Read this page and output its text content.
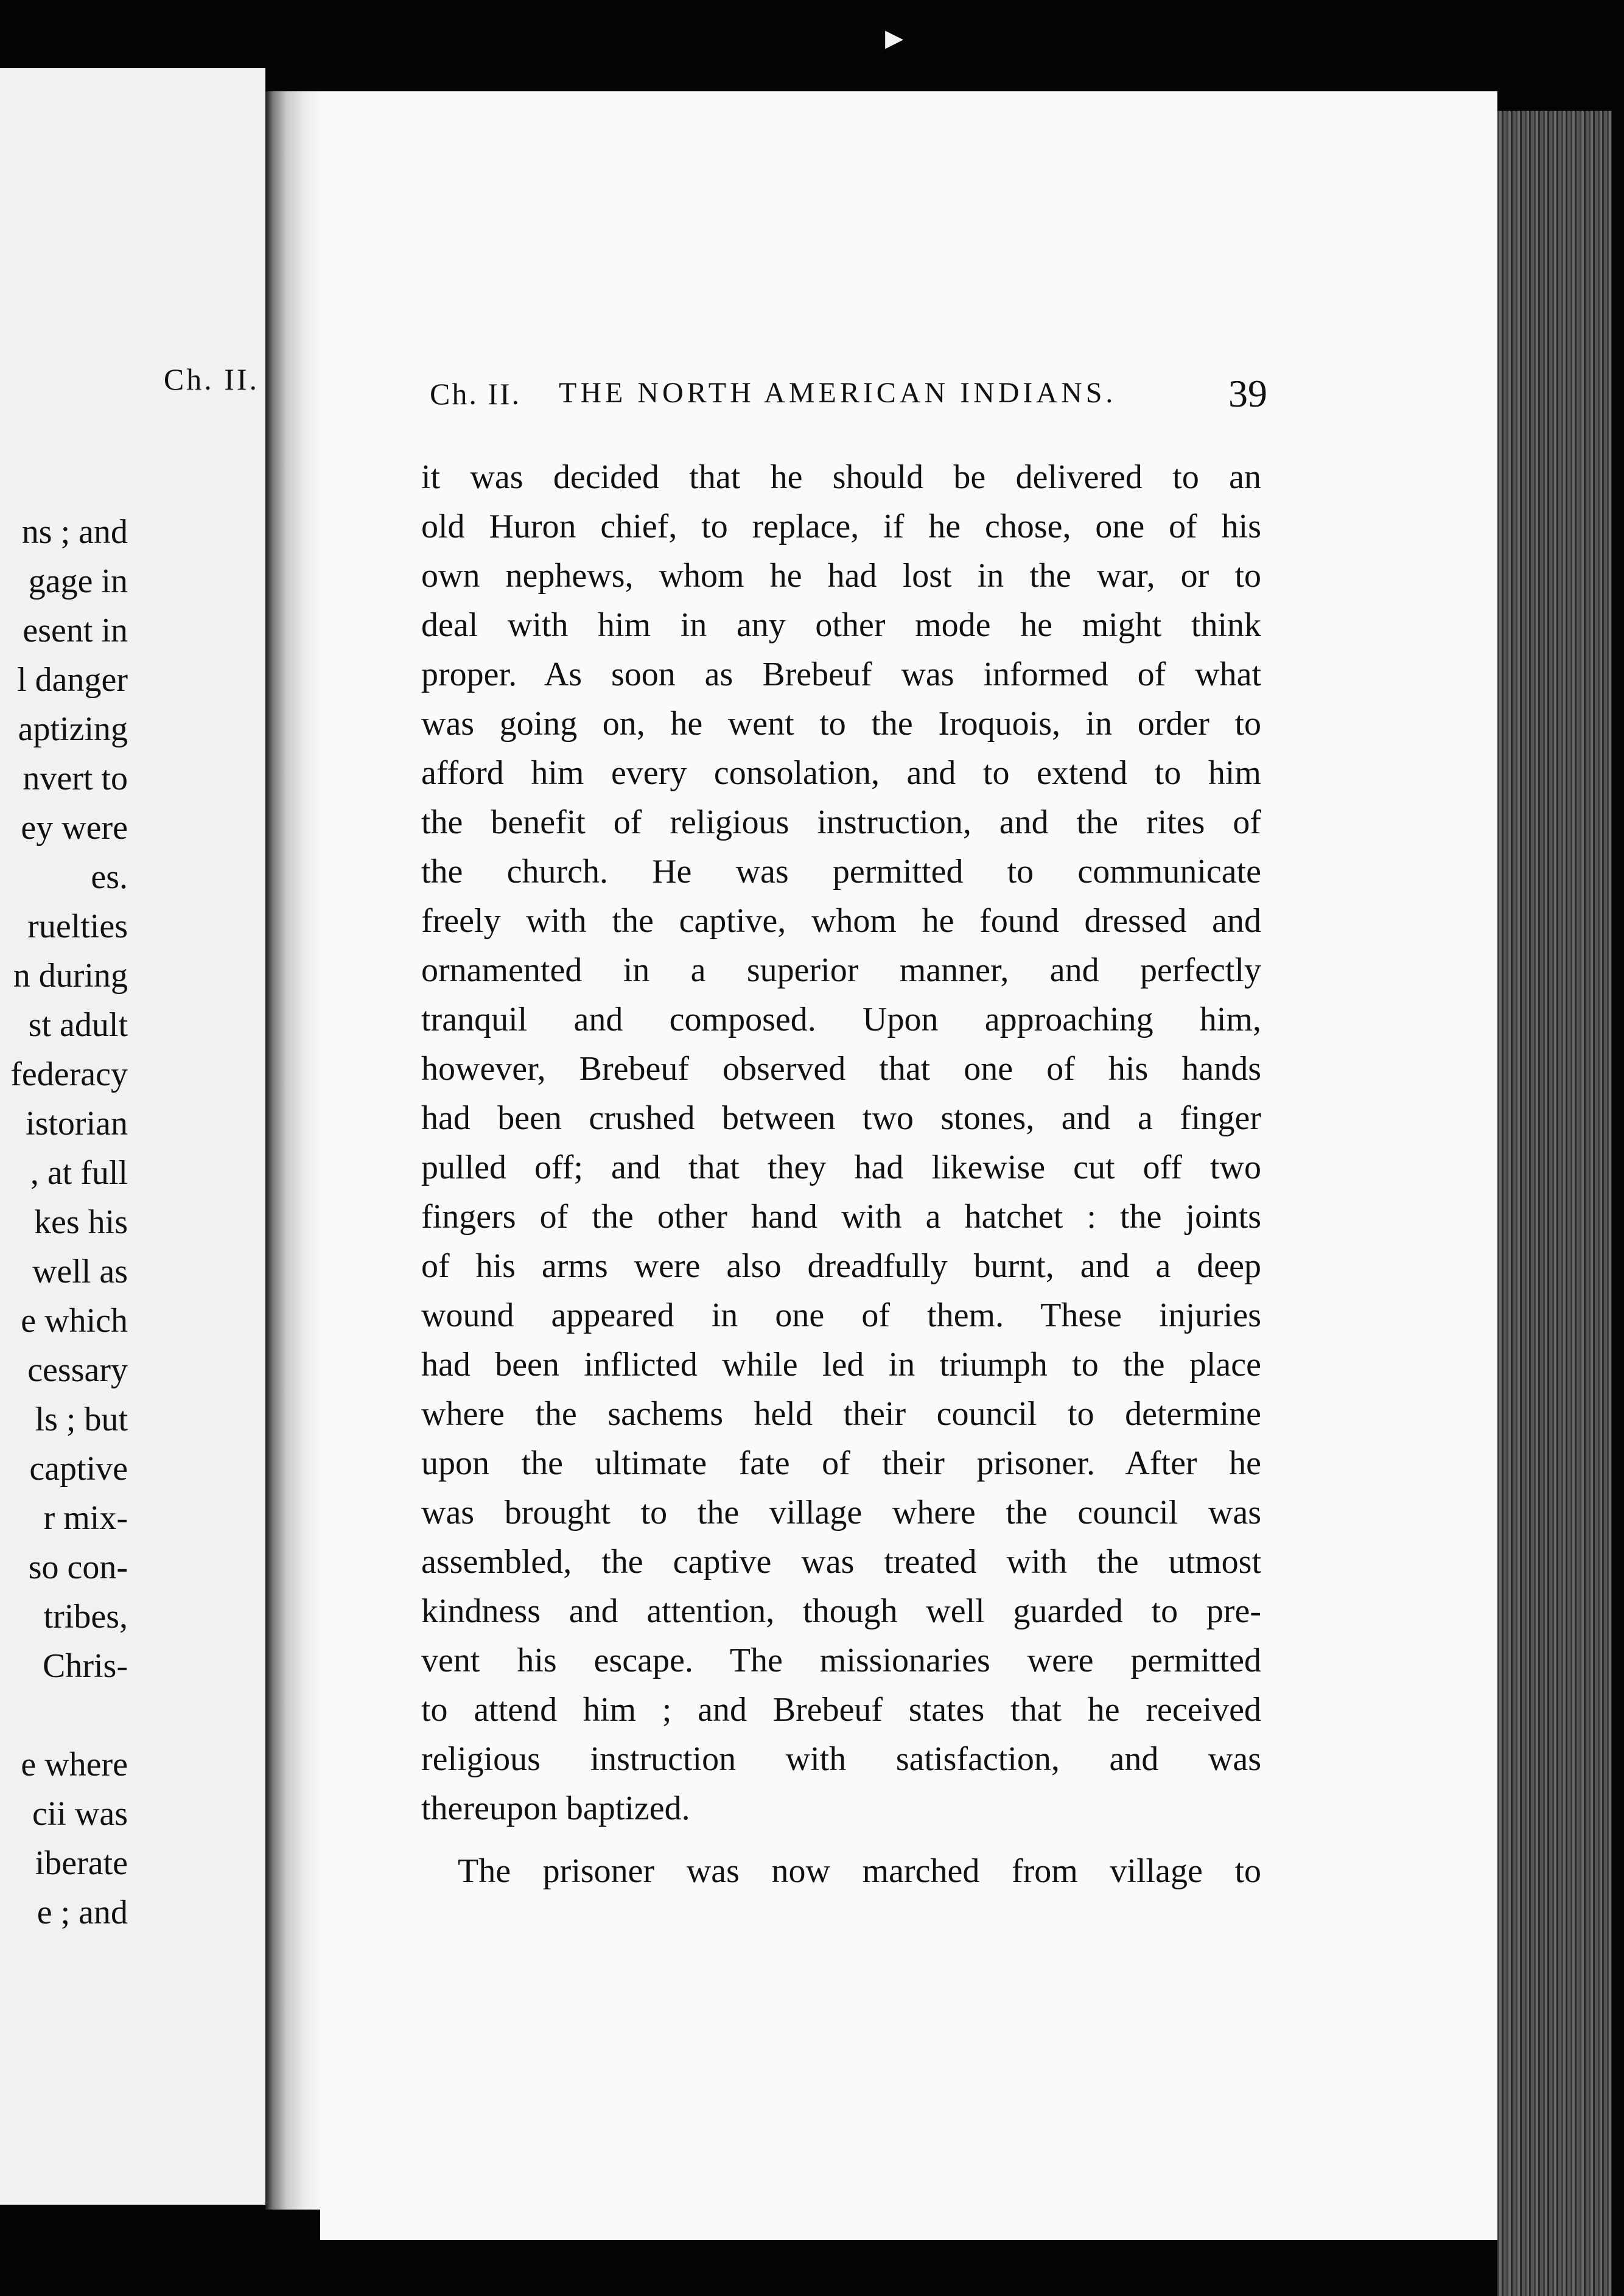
▸
Ch. II.
ns ; and
gage in
esent in
l danger
aptizing
nvert to
ey were
es.
ruelties
n during
st adult
federacy
istorian
, at full
kes his
well as
e which
cessary
ls ; but
captive
r mix-
so con-
tribes,
Chris-
e where
cii was
iberate
e ; and
Ch. II. THE NORTH AMERICAN INDIANS.	39
it was decided that he should be delivered to an
old Huron chief, to replace, if he chose, one of his
own nephews, whom he had lost in the war, or to
deal with him in any other mode he might think
proper. As soon as Brebeuf was informed of what
was going on, he went to the Iroquois, in order to
afford him every consolation, and to extend to him
the benefit of religious instruction, and the rites of
the church. He was permitted to communicate
freely with the captive, whom he found dressed and
ornamented in a superior manner, and perfectly
tranquil and composed. Upon approaching him,
however, Brebeuf observed that one of his hands
had been crushed between two stones, and a finger
pulled off; and that they had likewise cut off two
fingers of the other hand with a hatchet : the joints
of his arms were also dreadfully burnt, and a deep
wound appeared in one of them. These injuries
had been inflicted while led in triumph to the place
where the sachems held their council to determine
upon the ultimate fate of their prisoner. After he
was brought to the village where the council was
assembled, the captive was treated with the utmost
kindness and attention, though well guarded to pre-
vent his escape. The missionaries were permitted
to attend him ; and Brebeuf states that he received
religious instruction with satisfaction, and was
thereupon baptized.
The prisoner was now marched from village to
